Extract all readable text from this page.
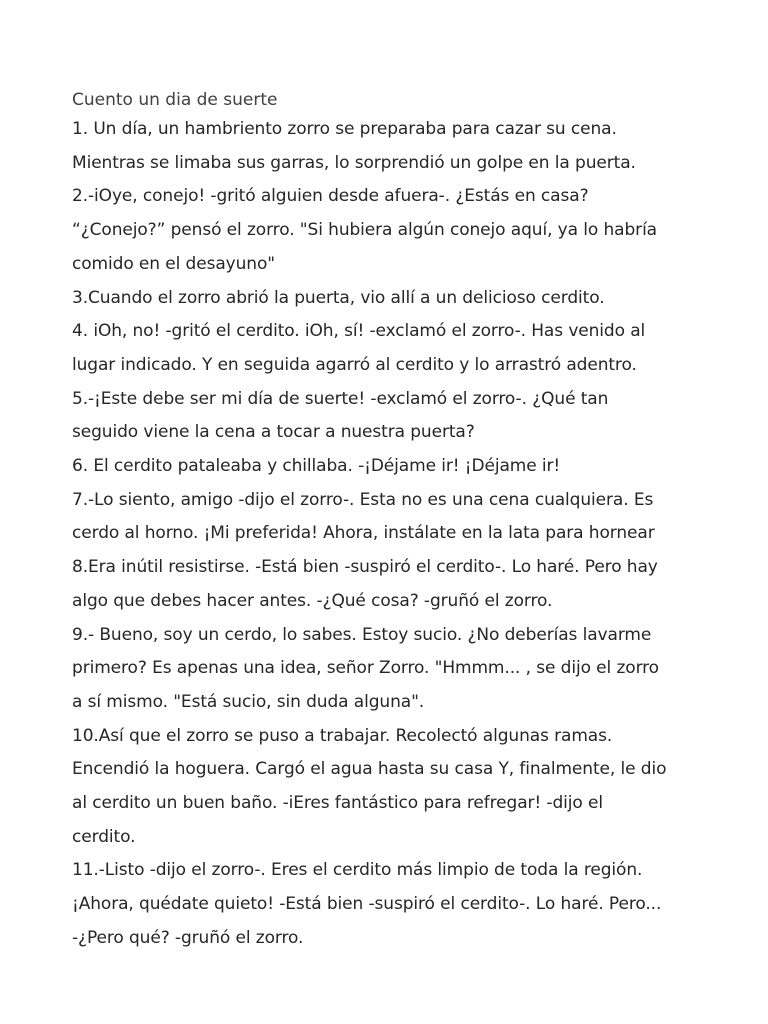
Cuento un dia de suerte

1. Un día, un hambriento zorro se preparaba para cazar su cena.

Mientras se limaba sus garras, lo sorprendió un golpe en la puerta.

2.-iOye, conejo! -gritó alguien desde afuera-. ¿Estás en casa?

“¿Conejo?” pensó el zorro. "Si hubiera algún conejo aquí, ya lo habría

comido en el desayuno"

3.Cuando el zorro abrió la puerta, vio allí a un delicioso cerdito.

4. iOh, no! -gritó el cerdito. iOh, sí! -exclamó el zorro-. Has venido al

lugar indicado. Y en seguida agarró al cerdito y lo arrastró adentro.

5.-¡Este debe ser mi día de suerte! -exclamó el zorro-. ¿Qué tan

seguido viene la cena a tocar a nuestra puerta?

6. El cerdito pataleaba y chillaba. -¡Déjame ir! ¡Déjame ir!

7.-Lo siento, amigo -dijo el zorro-. Esta no es una cena cualquiera. Es

cerdo al horno. ¡Mi preferida! Ahora, instálate en la lata para hornear

8.Era inútil resistirse. -Está bien -suspiró el cerdito-. Lo haré. Pero hay

algo que debes hacer antes. -¿Qué cosa? -gruñó el zorro.

9.- Bueno, soy un cerdo, lo sabes. Estoy sucio. ¿No deberías lavarme

primero? Es apenas una idea, señor Zorro. "Hmmm... , se dijo el zorro

a sí mismo. "Está sucio, sin duda alguna".

10.Así que el zorro se puso a trabajar. Recolectó algunas ramas.

Encendió la hoguera. Cargó el agua hasta su casa Y, finalmente, le dio

al cerdito un buen baño. -iEres fantástico para refregar! -dijo el

cerdito.

11.-Listo -dijo el zorro-. Eres el cerdito más limpio de toda la región.

¡Ahora, quédate quieto! -Está bien -suspiró el cerdito-. Lo haré. Pero...

-¿Pero qué? -gruñó el zorro.
